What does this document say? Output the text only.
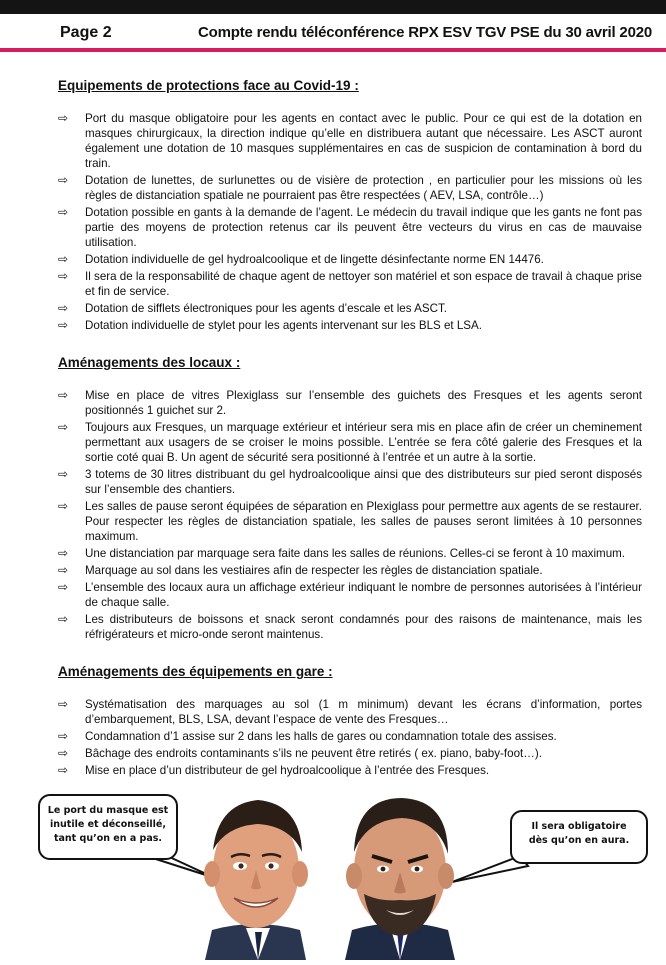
Page 2	Compte rendu téléconférence RPX ESV TGV PSE du 30 avril 2020
Equipements de protections face au Covid-19 :
⇨ Port du masque obligatoire pour les agents en contact avec le public. Pour ce qui est de la dotation en masques chirurgicaux, la direction indique qu’elle en distribuera autant que nécessaire. Les ASCT auront également une dotation de 10 masques supplémentaires en cas de suspicion de contamination à bord du train.
⇨ Dotation de lunettes, de surlunettes ou de visière de protection , en particulier pour les missions où les règles de distanciation spatiale ne pourraient pas être respectées ( AEV, LSA, contrôle…)
⇨ Dotation possible en gants à la demande de l’agent. Le médecin du travail indique que les gants ne font pas partie des moyens de protection retenus car ils peuvent être vecteurs du virus en cas de mauvaise utilisation.
⇨ Dotation individuelle de gel hydroalcoolique et de lingette désinfectante norme EN 14476.
⇨ Il sera de la responsabilité de chaque agent de nettoyer son matériel et son espace de travail à chaque prise et fin de service.
⇨ Dotation de sifflets électroniques pour les agents d’escale et les ASCT.
⇨ Dotation individuelle de stylet pour les agents intervenant sur les BLS et LSA.
Aménagements des locaux :
⇨ Mise en place de vitres Plexiglass sur l’ensemble des guichets des Fresques et les agents seront positionnés 1 guichet sur 2.
⇨ Toujours aux Fresques, un marquage extérieur et intérieur sera mis en place afin de créer un cheminement permettant aux usagers de se croiser le moins possible. L’entrée se fera côté galerie des Fresques et la sortie coté quai B. Un agent de sécurité sera positionné à l’entrée et un autre à la sortie.
⇨ 3 totems de 30 litres distribuant du gel hydroalcoolique ainsi que des distributeurs sur pied seront disposés sur l’ensemble des chantiers.
⇨ Les salles de pause seront équipées de séparation en Plexiglass pour permettre aux agents de se restaurer. Pour respecter les règles de distanciation spatiale, les salles de pauses seront limitées à 10 personnes maximum.
⇨ Une distanciation par marquage sera faite dans les salles de réunions. Celles-ci se feront à 10 maximum.
⇨ Marquage au sol dans les vestiaires afin de respecter les règles de distanciation spatiale.
⇨ L’ensemble des locaux aura un affichage extérieur indiquant le nombre de personnes autorisées à l’intérieur de chaque salle.
⇨ Les distributeurs de boissons et snack seront condamnés pour des raisons de maintenance, mais les réfrigérateurs et micro-onde seront maintenus.
Aménagements des équipements en gare :
⇨ Systématisation des marquages au sol (1 m minimum) devant les écrans d’information, portes d’embarquement, BLS, LSA, devant l’espace de vente des Fresques…
⇨ Condamnation d’1 assise sur 2 dans les halls de gares ou condamnation totale des assises.
⇨ Bâchage des endroits contaminants s’ils ne peuvent être retirés ( ex. piano, baby-foot…).
⇨ Mise en place d’un distributeur de gel hydroalcoolique à l’entrée des Fresques.
Le port du masque est
inutile et déconseillé,
tant qu’on en a pas.
Il sera obligatoire
dès qu’on en aura.
